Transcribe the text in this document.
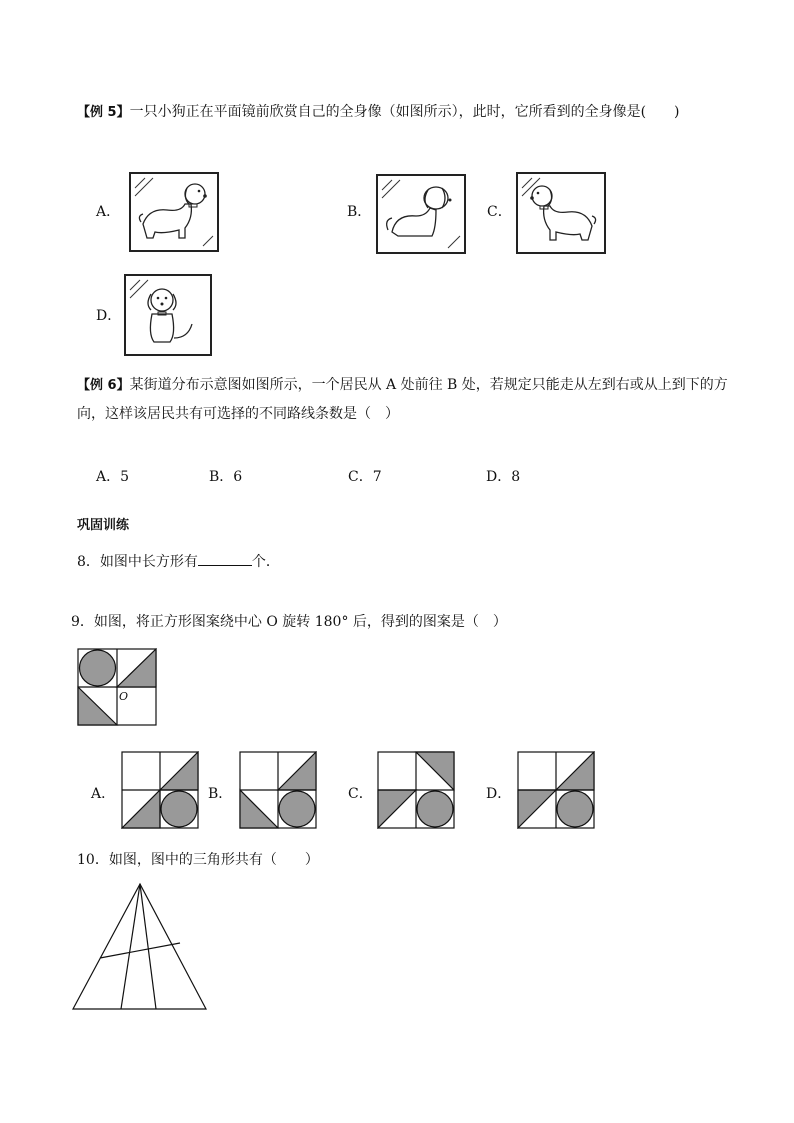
【例 5】一只小狗正在平面镜前欣赏自己的全身像（如图所示），此时，它所看到的全身像是(　　)
A．	B．	C．
D．
【例 6】某街道分布示意图如图所示，一个居民从 A 处前往 B 处，若规定只能走从左到右或从上到下的方
向，这样该居民共有可选择的不同路线条数是（　）
A．5	B．6	C．7	D．8
巩固训练
8．如图中长方形有	个．
9．如图，将正方形图案绕中心 O 旋转 180° 后，得到的图案是（　）
O
A．	B．	C．	D．
10．如图，图中的三角形共有（　　）
